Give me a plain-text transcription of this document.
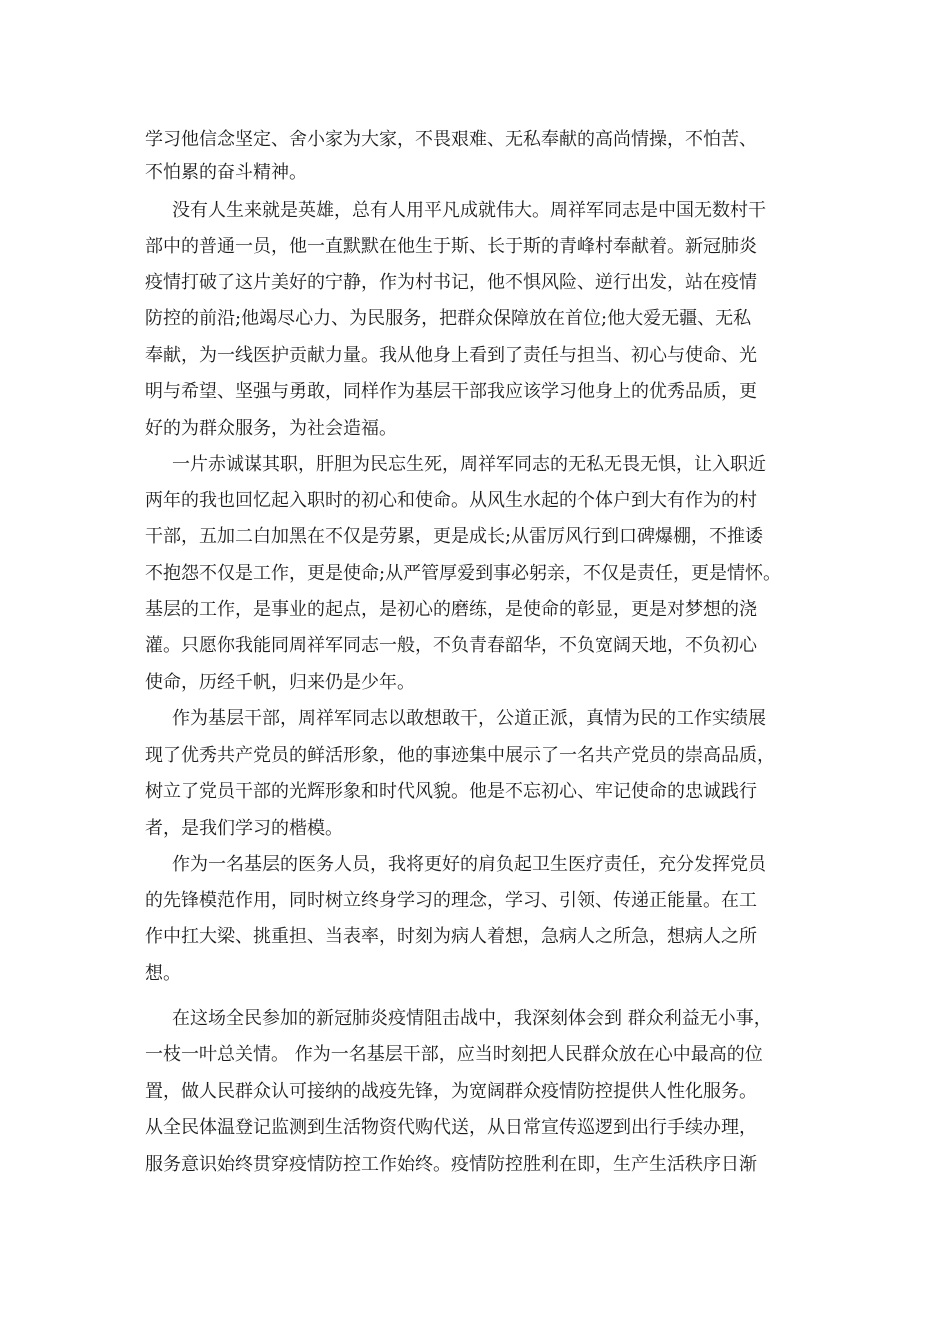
学习他信念坚定、舍小家为大家，不畏艰难、无私奉献的高尚情操，不怕苦、
不怕累的奋斗精神。
没有人生来就是英雄，总有人用平凡成就伟大。周祥军同志是中国无数村干
部中的普通一员，他一直默默在他生于斯、长于斯的青峰村奉献着。新冠肺炎
疫情打破了这片美好的宁静，作为村书记，他不惧风险、逆行出发，站在疫情
防控的前沿;他竭尽心力、为民服务，把群众保障放在首位;他大爱无疆、无私
奉献，为一线医护贡献力量。我从他身上看到了责任与担当、初心与使命、光
明与希望、坚强与勇敢，同样作为基层干部我应该学习他身上的优秀品质，更
好的为群众服务，为社会造福。
一片赤诚谋其职，肝胆为民忘生死，周祥军同志的无私无畏无惧，让入职近
两年的我也回忆起入职时的初心和使命。从风生水起的个体户到大有作为的村
干部，五加二白加黑在不仅是劳累，更是成长;从雷厉风行到口碑爆棚，不推诿
不抱怨不仅是工作，更是使命;从严管厚爱到事必躬亲，不仅是责任，更是情怀。
基层的工作，是事业的起点，是初心的磨练，是使命的彰显，更是对梦想的浇
灌。只愿你我能同周祥军同志一般，不负青春韶华，不负宽阔天地，不负初心
使命，历经千帆，归来仍是少年。
作为基层干部，周祥军同志以敢想敢干，公道正派，真情为民的工作实绩展
现了优秀共产党员的鲜活形象，他的事迹集中展示了一名共产党员的崇高品质，
树立了党员干部的光辉形象和时代风貌。他是不忘初心、牢记使命的忠诚践行
者，是我们学习的楷模。
作为一名基层的医务人员，我将更好的肩负起卫生医疗责任，充分发挥党员
的先锋模范作用，同时树立终身学习的理念，学习、引领、传递正能量。在工
作中扛大梁、挑重担、当表率，时刻为病人着想，急病人之所急，想病人之所
想。
在这场全民参加的新冠肺炎疫情阻击战中，我深刻体会到 群众利益无小事，
一枝一叶总关情。 作为一名基层干部，应当时刻把人民群众放在心中最高的位
置，做人民群众认可接纳的战疫先锋，为宽阔群众疫情防控提供人性化服务。
从全民体温登记监测到生活物资代购代送，从日常宣传巡逻到出行手续办理，
服务意识始终贯穿疫情防控工作始终。疫情防控胜利在即，生产生活秩序日渐
